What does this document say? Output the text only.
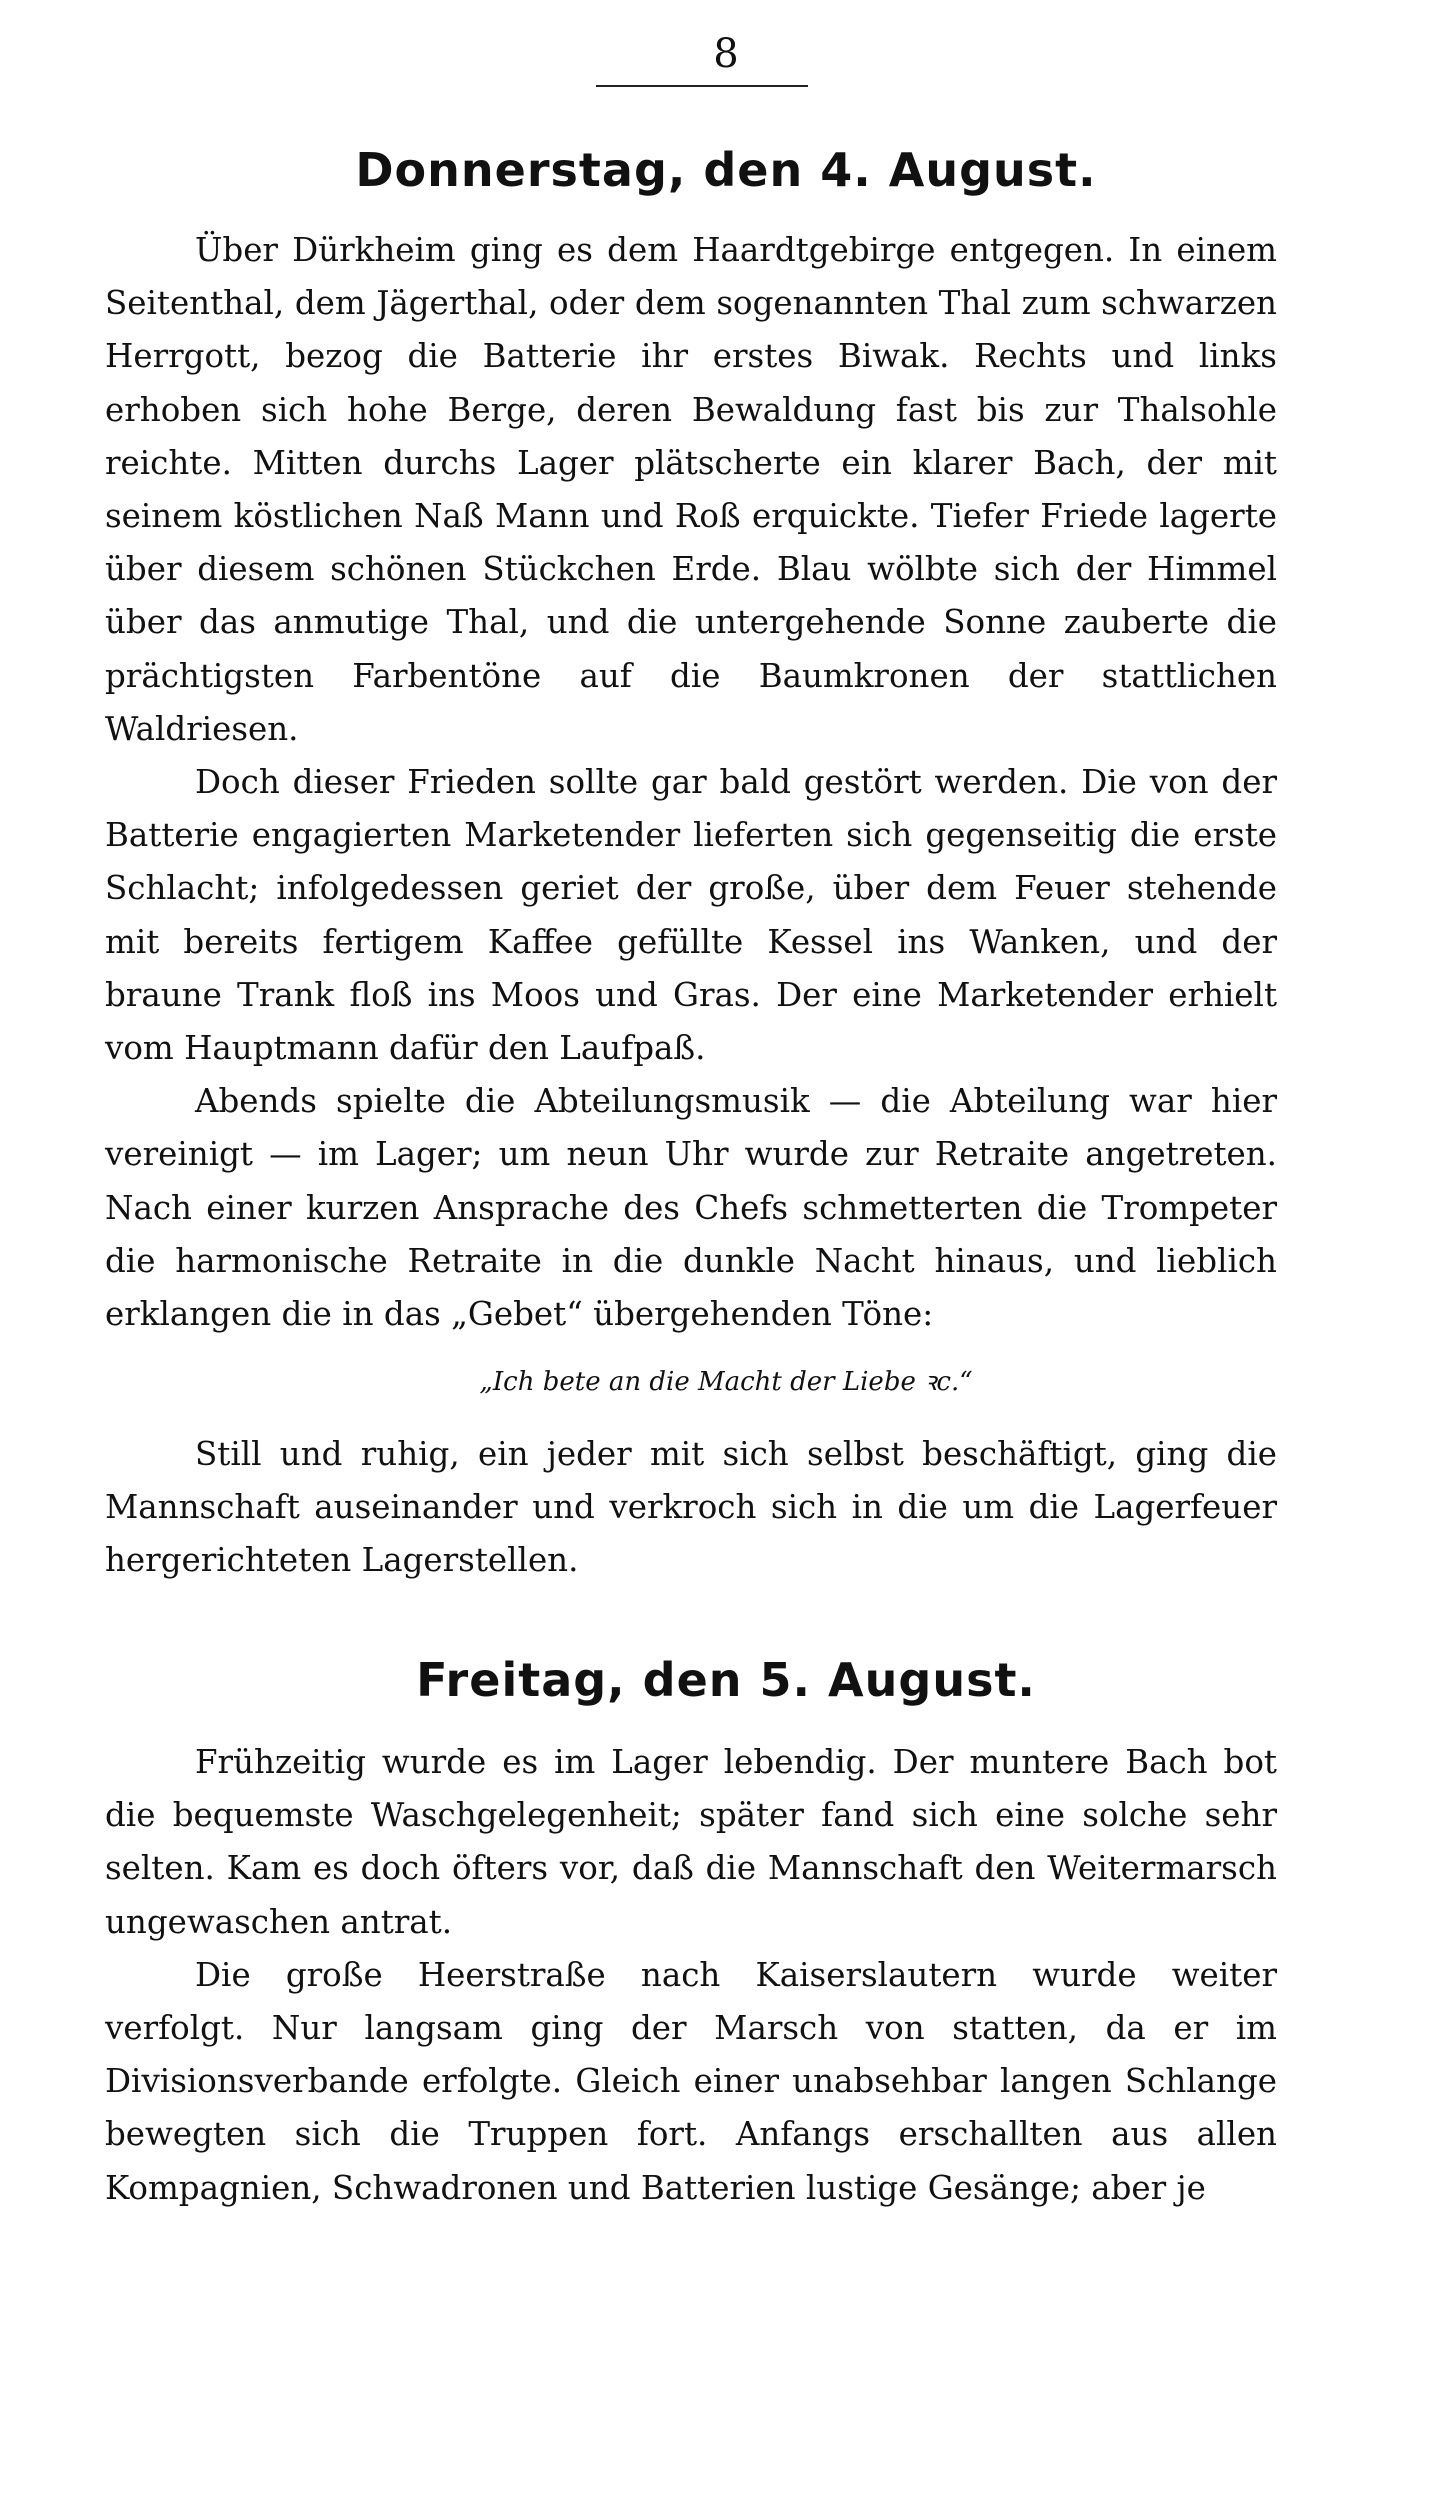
8
Donnerstag, den 4. August.

Über Dürkheim ging es dem Haardtgebirge entgegen. In einem Seitenthal, dem Jägerthal, oder dem sogenannten Thal zum schwarzen Herrgott, bezog die Batterie ihr erstes Biwak. Rechts und links erhoben sich hohe Berge, deren Bewaldung fast bis zur Thalsohle reichte. Mitten durchs Lager plätscherte ein klarer Bach, der mit seinem köstlichen Naß Mann und Roß erquickte. Tiefer Friede lagerte über diesem schönen Stückchen Erde. Blau wölbte sich der Himmel über das anmutige Thal, und die untergehende Sonne zauberte die prächtigsten Farbentöne auf die Baumkronen der stattlichen Waldriesen.

Doch dieser Frieden sollte gar bald gestört werden. Die von der Batterie engagierten Marketender lieferten sich gegenseitig die erste Schlacht; infolgedessen geriet der große, über dem Feuer stehende mit bereits fertigem Kaffee gefüllte Kessel ins Wanken, und der braune Trank floß ins Moos und Gras. Der eine Marketender erhielt vom Hauptmann dafür den Laufpaß.

Abends spielte die Abteilungsmusik — die Abteilung war hier vereinigt — im Lager; um neun Uhr wurde zur Retraite angetreten. Nach einer kurzen Ansprache des Chefs schmetterten die Trompeter die harmonische Retraite in die dunkle Nacht hinaus, und lieblich erklangen die in das „Gebet“ übergehenden Töne:

„Ich bete an die Macht der Liebe ꝛc.“

Still und ruhig, ein jeder mit sich selbst beschäftigt, ging die Mannschaft auseinander und verkroch sich in die um die Lagerfeuer hergerichteten Lagerstellen.

Freitag, den 5. August.

Frühzeitig wurde es im Lager lebendig. Der muntere Bach bot die bequemste Waschgelegenheit; später fand sich eine solche sehr selten. Kam es doch öfters vor, daß die Mannschaft den Weitermarsch ungewaschen antrat.

Die große Heerstraße nach Kaiserslautern wurde weiter verfolgt. Nur langsam ging der Marsch von statten, da er im Divisionsverbande erfolgte. Gleich einer unabsehbar langen Schlange bewegten sich die Truppen fort. Anfangs erschallten aus allen Kompagnien, Schwadronen und Batterien lustige Gesänge; aber je
